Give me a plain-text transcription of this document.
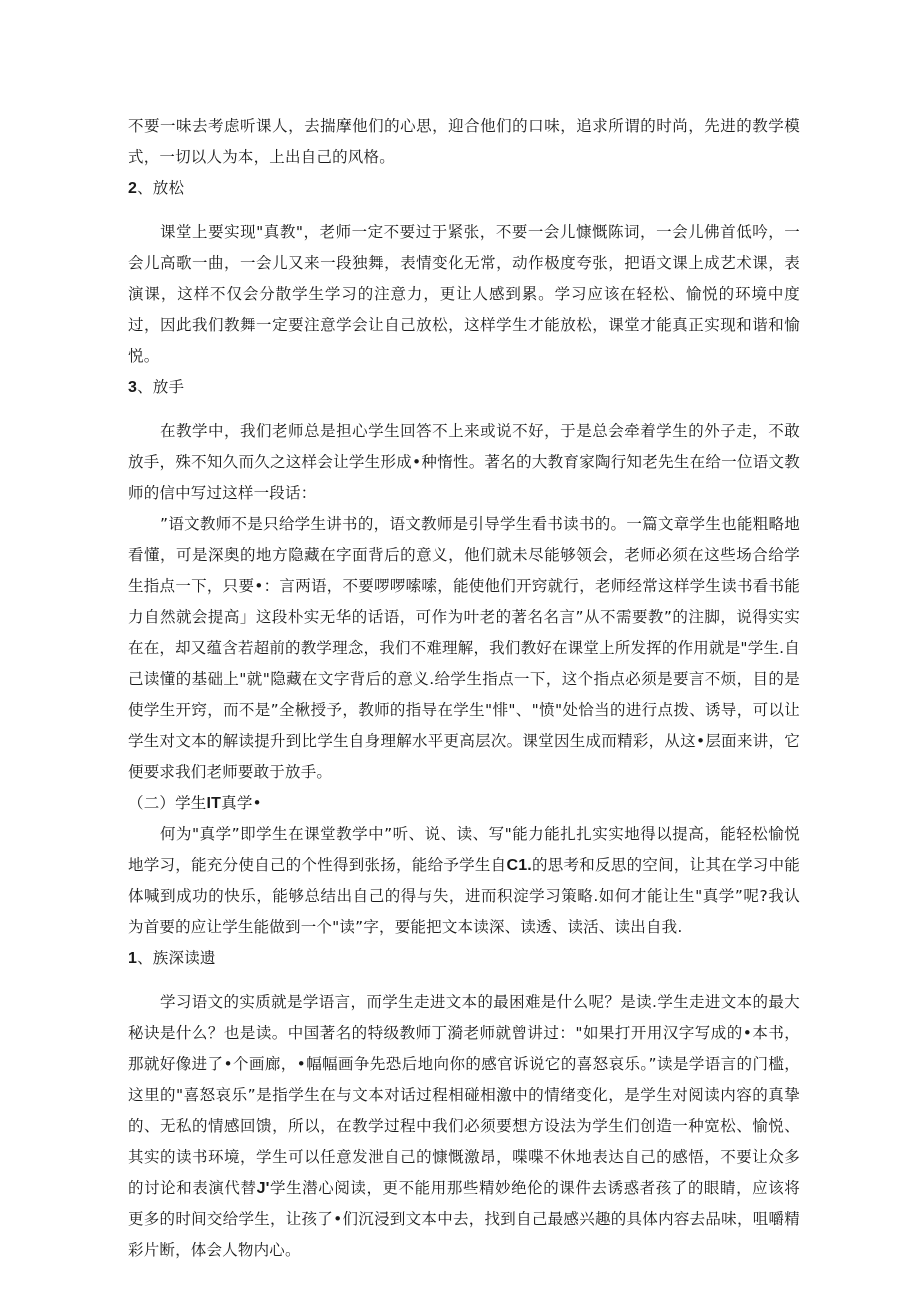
不要一味去考虑听课人，去揣摩他们的心思，迎合他们的口味，追求所谓的时尚，先进的教学模式，一切以人为本，上出自己的风格。

2、放松

课堂上要实现"真教"，老师一定不要过于紧张，不要一会儿慷慨陈词，一会儿佛首低吟，一会儿高歌一曲，一会儿又来一段独舞，表情变化无常，动作极度夸张，把语文课上成艺术课，表演课，这样不仅会分散学生学习的注意力，更让人感到累。学习应该在轻松、愉悦的环境中度过，因此我们教舞一定要注意学会让自己放松，这样学生才能放松，课堂才能真正实现和谐和愉悦。

3、放手

在教学中，我们老师总是担心学生回答不上来或说不好，于是总会牵着学生的外子走，不敢放手，殊不知久而久之这样会让学生形成•种惰性。著名的大教育家陶行知老先生在给一位语文教师的信中写过这样一段话：

”语文教师不是只给学生讲书的，语文教师是引导学生看书读书的。一篇文章学生也能粗略地看懂，可是深奥的地方隐藏在字面背后的意义，他们就未尽能够领会，老师必须在这些场合给学生指点一下，只要•：言两语，不要啰啰嗦嗦，能使他们开窍就行，老师经常这样学生读书看书能力自然就会提高」这段朴实无华的话语，可作为叶老的著名名言”从不需要教”的注脚，说得实实在在，却又蕴含若超前的教学理念，我们不难理解，我们教好在课堂上所发挥的作用就是"学生.自己读懂的基础上"就"隐藏在文字背后的意义.给学生指点一下，这个指点必须是要言不烦，目的是使学生开窍，而不是”全楸授予，教师的指导在学生"悱"、"愤"处恰当的进行点拨、诱导，可以让学生对文本的解读提升到比学生自身理解水平更高层次。课堂因生成而精彩，从这•层面来讲，它便要求我们老师要敢于放手。

（二）学生IT真学•

何为"真学”即学生在课堂教学中”听、说、读、写"能力能扎扎实实地得以提高，能轻松愉悦地学习，能充分使自己的个性得到张扬，能给予学生自C1.的思考和反思的空间，让其在学习中能体喊到成功的快乐，能够总结出自己的得与失，进而积淀学习策略.如何才能让生"真学”呢?我认为首要的应让学生能做到一个"读”字，要能把文本读深、读透、读活、读出自我.

1、族深读遗

学习语文的实质就是学语言，而学生走进文本的最困难是什么呢？是读.学生走进文本的最大秘诀是什么？也是读。中国著名的特级教师丁漪老师就曾讲过："如果打开用汉字写成的•本书，那就好像进了•个画廊，•幅幅画争先恐后地向你的感官诉说它的喜怒哀乐。”读是学语言的门槛，这里的"喜怒哀乐”是指学生在与文本对话过程相碰相激中的情绪变化，是学生对阅读内容的真挚的、无私的情感回馈，所以，在教学过程中我们必须要想方设法为学生们创造一种宽松、愉悦、其实的读书环境，学生可以任意发泄自己的慷慨激昂，喋喋不休地表达自己的感悟，不要让众多的讨论和表演代替J'学生潜心阅读，更不能用那些精妙绝伦的课件去诱惑者孩了的眼睛，应该将更多的时间交给学生，让孩了•们沉浸到文本中去，找到自己最感兴趣的具体内容去品味，咀嚼精彩片断，体会人物内心。
